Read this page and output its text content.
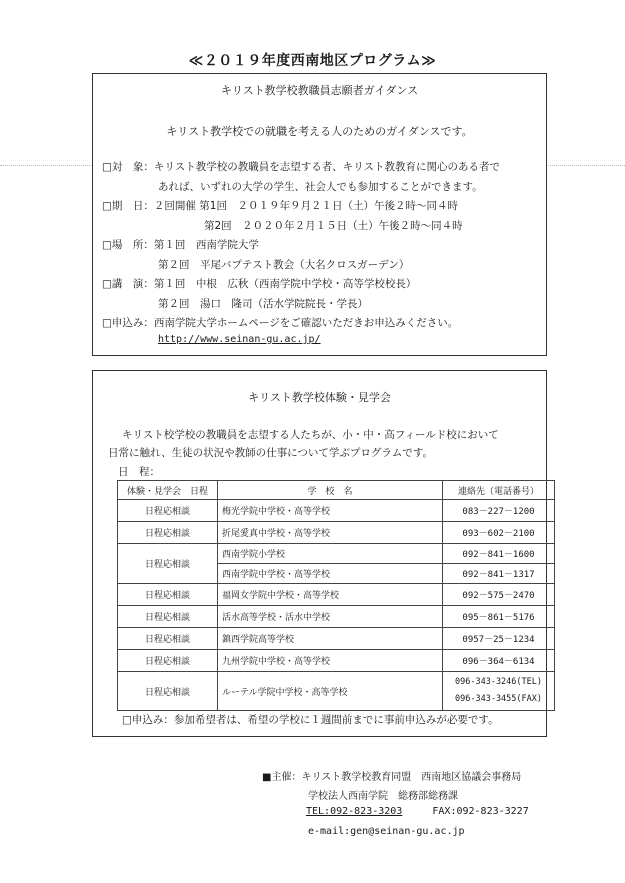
≪２０１９年度西南地区プログラム≫
キリスト教学校教職員志願者ガイダンス
キリスト教学校での就職を考える人のためのガイダンスです。
□対　象：キリスト教学校の教職員を志望する者、キリスト教教育に関心のある者で
あれば、いずれの大学の学生、社会人でも参加することができます。
□期　日：２回開催 第1回　２０１９年９月２１日（土）午後２時～同４時
第2回　２０２０年２月１５日（土）午後２時～同４時
□場　所：第１回　西南学院大学
第２回　平尾バプテスト教会（大名クロスガーデン）
□講　演：第１回　中根　広秋（西南学院中学校・高等学校校長）
第２回　湯口　隆司（活水学院院長・学長）
□申込み：西南学院大学ホームページをご確認いただきお申込みください。
http://www.seinan-gu.ac.jp/
キリスト教学校体験・見学会
キリスト校学校の教職員を志望する人たちが、小・中・高フィールド校において
日常に触れ、生徒の状況や教師の仕事について学ぶプログラムです。
日　程：
体験・見学会　日程	学　校　名	連絡先（電話番号）
日程応相談	梅光学院中学校・高等学校	083－227－1200
日程応相談	折尾愛真中学校・高等学校	093－602－2100
日程応相談	西南学院小学校	092－841－1600
	西南学院中学校・高等学校	092－841－1317
日程応相談	福岡女学院中学校・高等学校	092－575－2470
日程応相談	活水高等学校・活水中学校	095－861－5176
日程応相談	鎮西学院高等学校	0957－25－1234
日程応相談	九州学院中学校・高等学校	096－364－6134
日程応相談	ルーテル学院中学校・高等学校	096-343-3246(TEL)
096-343-3455(FAX)
□申込み：参加希望者は、希望の学校に１週間前までに事前申込みが必要です。
■主催：キリスト教学校教育同盟　西南地区協議会事務局
学校法人西南学院　総務部総務課
TEL:092-823-3203	FAX:092-823-3227
e-mail:gen@seinan-gu.ac.jp
